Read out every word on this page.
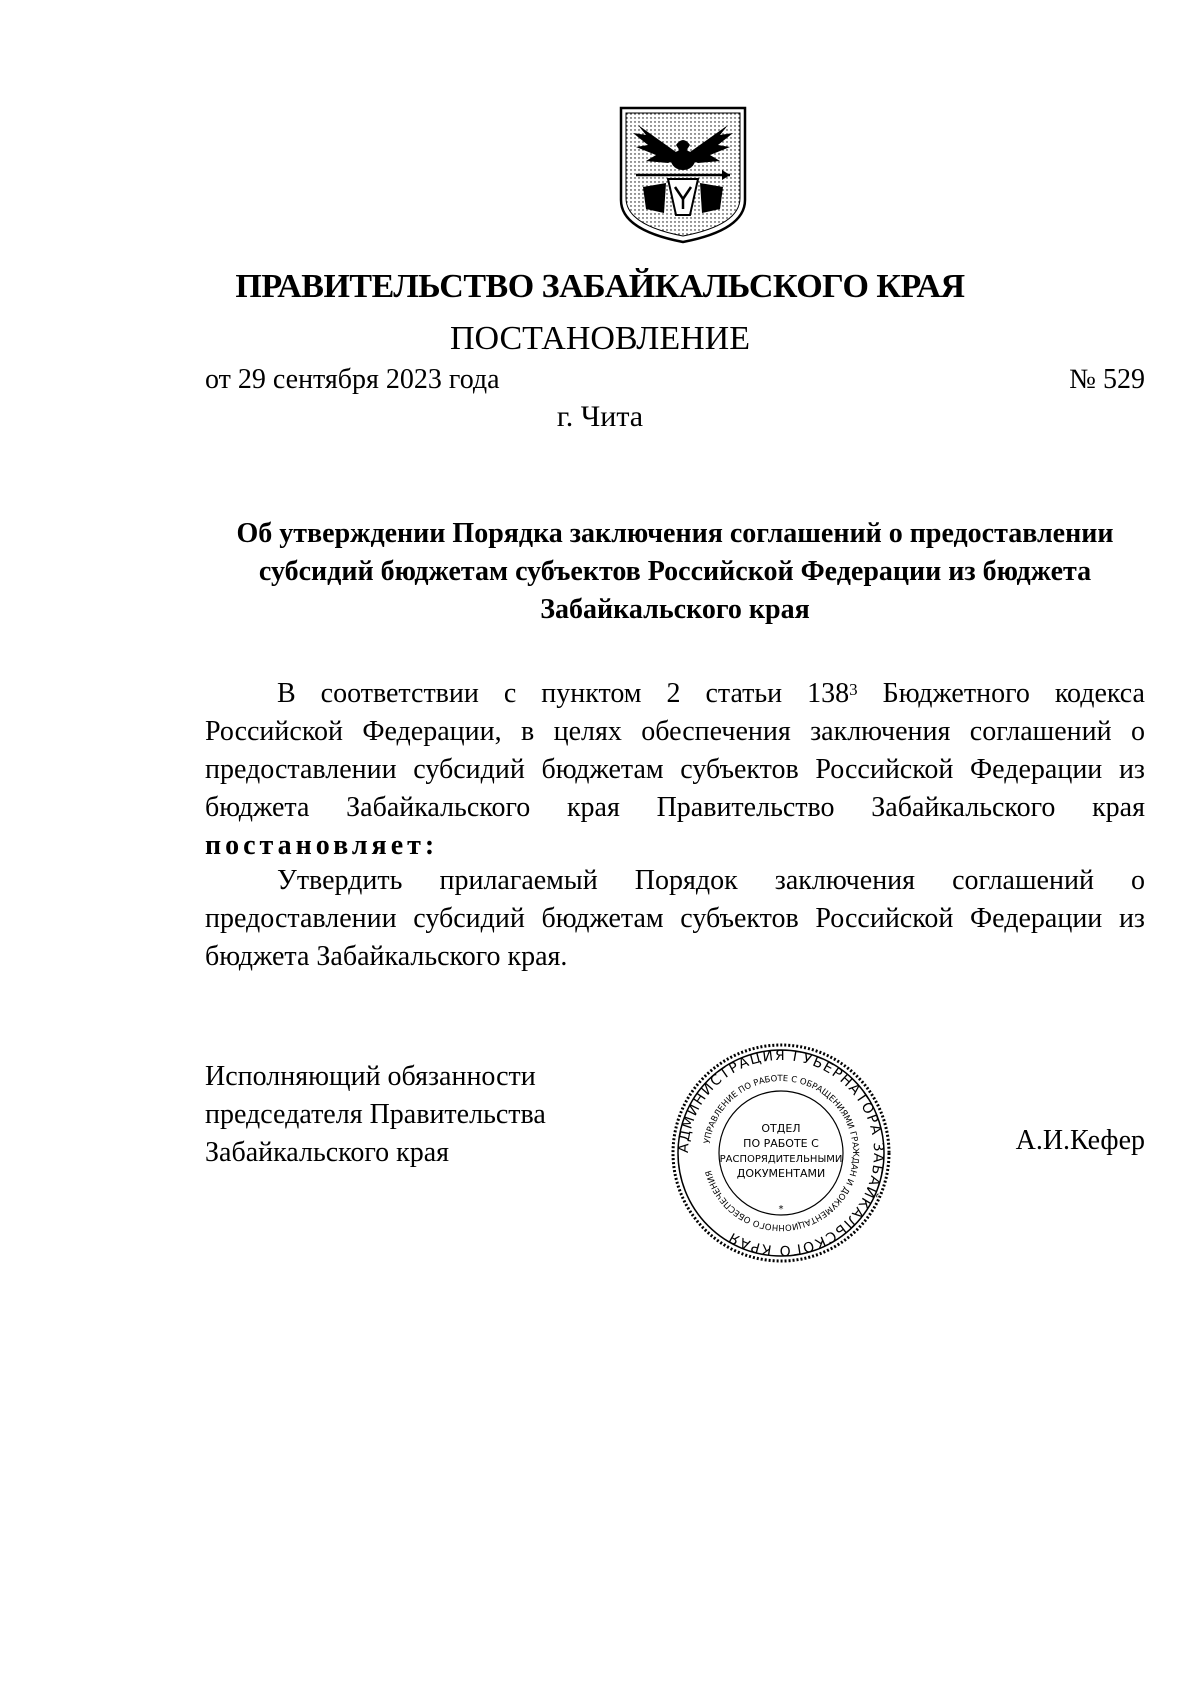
ПРАВИТЕЛЬСТВО ЗАБАЙКАЛЬСКОГО КРАЯ
ПОСТАНОВЛЕНИЕ
от 29 сентября 2023 года	№ 529
г. Чита
Об утверждении Порядка заключения соглашений о предоставлении субсидий бюджетам субъектов Российской Федерации из бюджета Забайкальского края
В соответствии с пунктом 2 статьи $138^3$ Бюджетного кодекса Российской Федерации, в целях обеспечения заключения соглашений о предоставлении субсидий бюджетам субъектов Российской Федерации из бюджета Забайкальского края Правительство Забайкальского края постановляет:
Утвердить прилагаемый Порядок заключения соглашений о предоставлении субсидий бюджетам субъектов Российской Федерации из бюджета Забайкальского края.
Исполняющий обязанности
председателя Правительства
Забайкальского края	А.И.Кефер
АДМИНИСТРАЦИЯ ГУБЕРНАТОРА ЗАБАЙКАЛЬСКОГО КРАЯ
УПРАВЛЕНИЕ ПО РАБОТЕ С ОБРАЩЕНИЯМИ ГРАЖДАН И ДОКУМЕНТАЦИОННОГО ОБЕСПЕЧЕНИЯ
ОТДЕЛ
ПО РАБОТЕ С
РАСПОРЯДИТЕЛЬНЫМИ
ДОКУМЕНТАМИ
*
